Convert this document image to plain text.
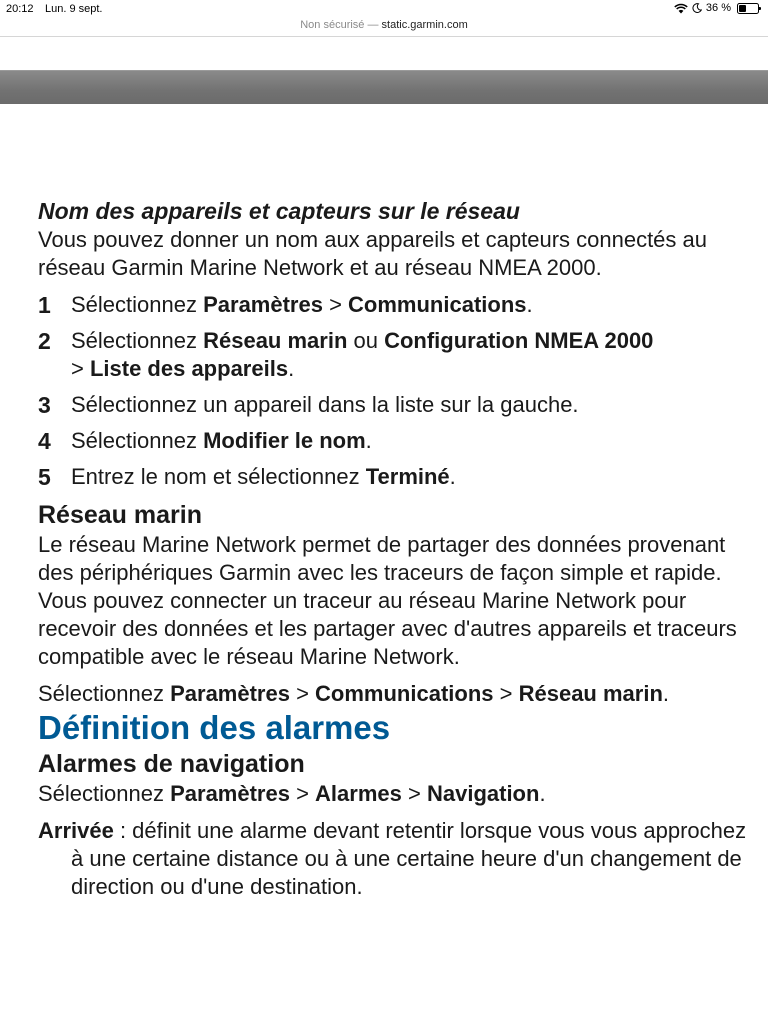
20:12 Lun. 9 sept.	36 %
Non sécurisé — static.garmin.com

Nom des appareils et capteurs sur le réseau

Vous pouvez donner un nom aux appareils et capteurs connectés au réseau Garmin Marine Network et au réseau NMEA 2000.

1 Sélectionnez Paramètres > Communications.
2 Sélectionnez Réseau marin ou Configuration NMEA 2000
> Liste des appareils.
3 Sélectionnez un appareil dans la liste sur la gauche.
4 Sélectionnez Modifier le nom.
5 Entrez le nom et sélectionnez Terminé.

Réseau marin

Le réseau Marine Network permet de partager des données provenant des périphériques Garmin avec les traceurs de façon simple et rapide. Vous pouvez connecter un traceur au réseau Marine Network pour recevoir des données et les partager avec d'autres appareils et traceurs compatible avec le réseau Marine Network.

Sélectionnez Paramètres > Communications > Réseau marin.

Définition des alarmes

Alarmes de navigation

Sélectionnez Paramètres > Alarmes > Navigation.

Arrivée : définit une alarme devant retentir lorsque vous vous approchez à une certaine distance ou à une certaine heure d'un changement de direction ou d'une destination.
